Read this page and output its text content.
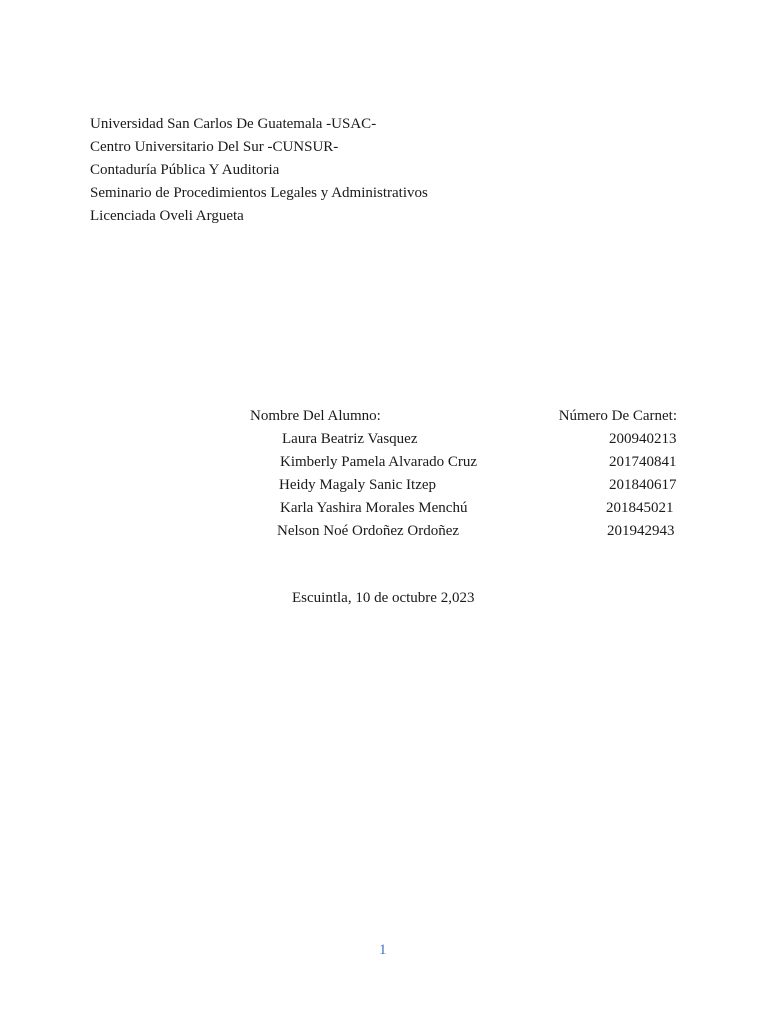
Universidad San Carlos De Guatemala -USAC-
Centro Universitario Del Sur -CUNSUR-
Contaduría Pública Y Auditoria
Seminario de Procedimientos Legales y Administrativos
Licenciada Oveli Argueta
Nombre Del Alumno:	Número De Carnet:
Laura Beatriz Vasquez	200940213
Kimberly Pamela Alvarado Cruz	201740841
Heidy Magaly Sanic Itzep	201840617
Karla Yashira Morales Menchú	201845021
Nelson Noé Ordoñez Ordoñez	201942943
Escuintla, 10 de octubre 2,023
1
